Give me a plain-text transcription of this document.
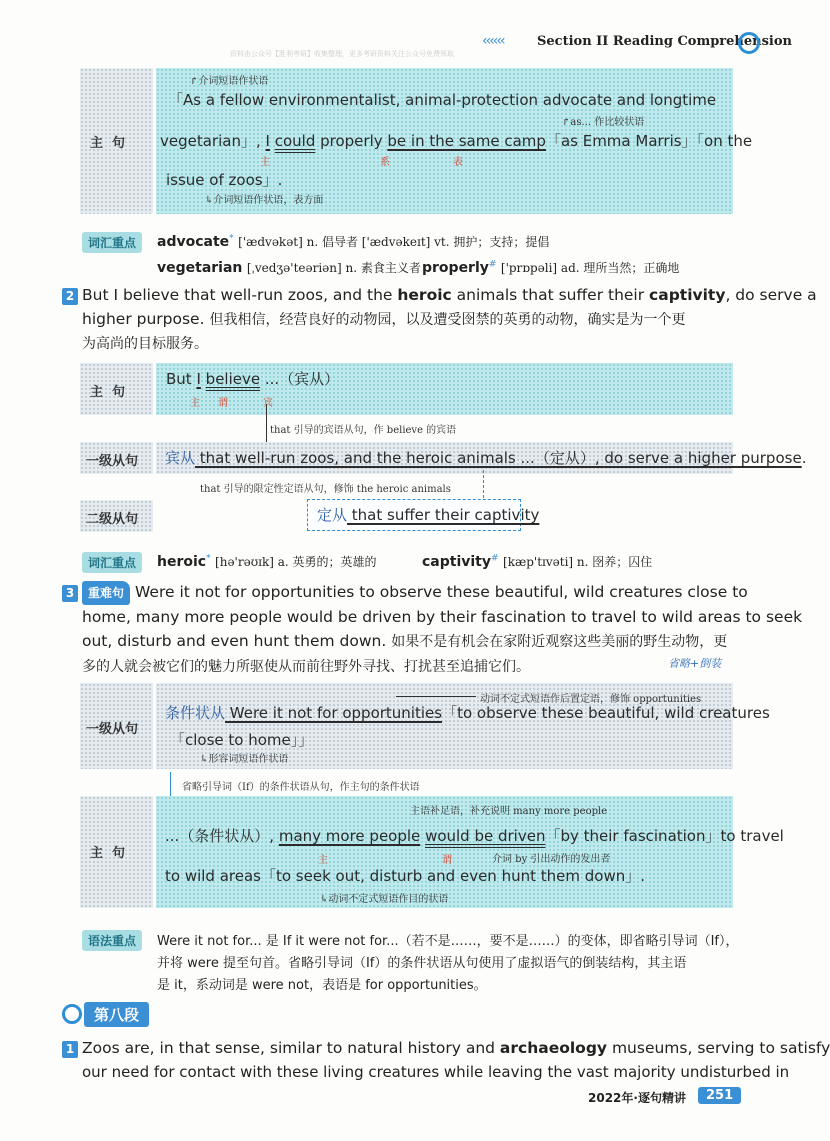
‹‹‹‹‹‹	Section II Reading Comprehension
资料由公众号【胜利考研】收集整理，更多考研资料关注公众号免费领取
主  句
↱介词短语作状语
「As a fellow environmentalist, animal-protection advocate and longtime
↱as... 作比较状语
vegetarian」, I could properly be in the same camp「as Emma Marris」「on the
主	系	表
issue of zoos」.
↳介词短语作状语，表方面
词汇重点	advocate* ['ædvəkət] n. 倡导者 ['ædvəkeɪt] vt. 拥护；支持；提倡
vegetarian [ˌvedʒə'teəriən] n. 素食主义者 properly# ['prɒpəli] ad. 理所当然；正确地
2 But I believe that well-run zoos, and the heroic animals that suffer their captivity, do serve a
higher purpose. 但我相信，经营良好的动物园，以及遭受囹禁的英勇的动物，确实是为一个更
为高尚的目标服务。
主  句
But I believe ...（宾从）
主 谓	宾
that 引导的宾语从句，作 believe 的宾语
一级从句 宾从 that well-run zoos, and the heroic animals ...（定从）, do serve a higher purpose.
that 引导的限定性定语从句，修饰 the heroic animals
二级从句	定从 that suffer their captivity
词汇重点	heroic* [hə'rəʊɪk] a. 英勇的；英雄的	captivity# [kæp'tɪvəti] n. 囹养；囚住
3 重难句 Were it not for opportunities to observe these beautiful, wild creatures close to
home, many more people would be driven by their fascination to travel to wild areas to seek
out, disturb and even hunt them down. 如果不是有机会在家附近观察这些美丽的野生动物，更
多的人就会被它们的魅力所驱使从而前往野外寻找、打扰甚至追捕它们。	省略+倒装
一级从句
动词不定式短语作后置定语，修饰 opportunities
条件状从 Were it not for opportunities「to observe these beautiful, wild creatures
「close to home」」
↳形容词短语作状语
省略引导词（If）的条件状语从句，作主句的条件状语
主  句
主语补足语，补充说明 many more people
...（条件状从）, many more people would be driven「by their fascination」to travel
主	谓	介词 by 引出动作的发出者
to wild areas「to seek out, disturb and even hunt them down」.
↳动词不定式短语作目的状语
语法重点	Were it not for... 是 If it were not for...（若不是……，要不是……）的变体，即省略引导词（If），
并将 were 提至句首。省略引导词（If）的条件状语从句使用了虚拟语气的倒装结构，其主语
是 it，系动词是 were not，表语是 for opportunities。
第八段
1 Zoos are, in that sense, similar to natural history and archaeology museums, serving to satisfy
our need for contact with these living creatures while leaving the vast majority undisturbed in
2022年·逐句精讲	251
